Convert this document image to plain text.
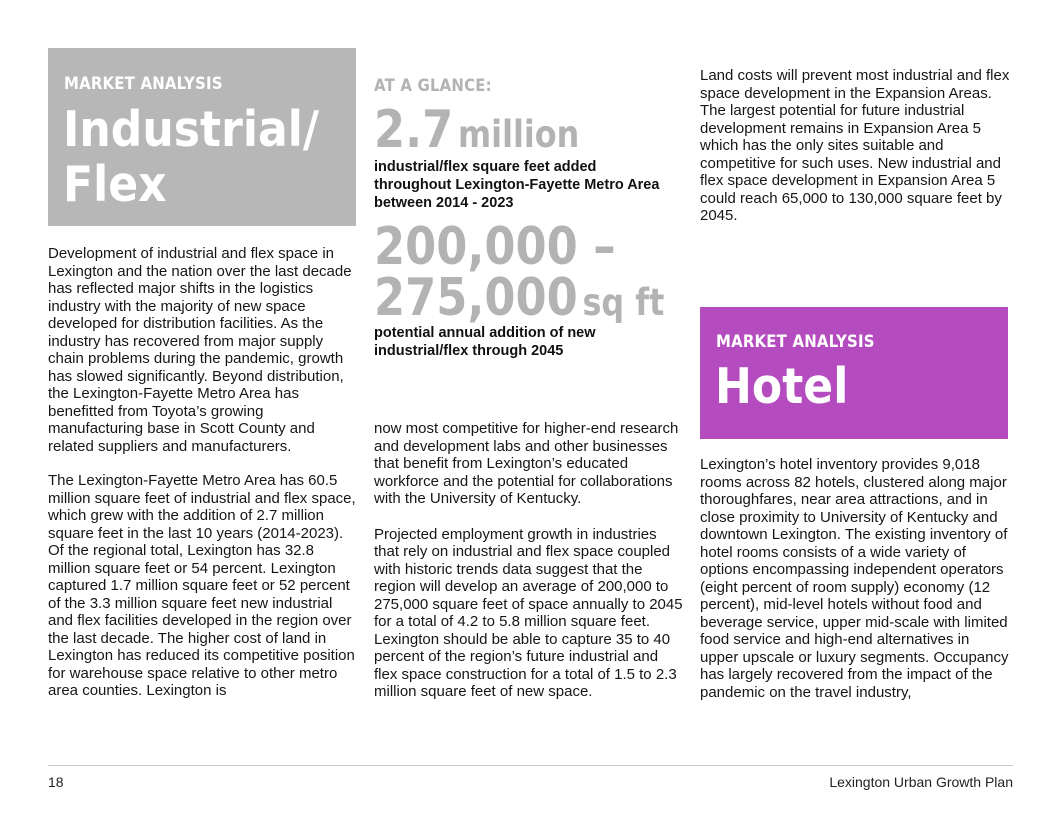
MARKET ANALYSIS
Industrial/
Flex

Development of industrial and flex space in Lexington and the nation over the last decade has reflected major shifts in the logistics industry with the majority of new space developed for distribution facilities. As the industry has recovered from major supply chain problems during the pandemic, growth has slowed significantly. Beyond distribution, the Lexington-Fayette Metro Area has benefitted from Toyota’s growing manufacturing base in Scott County and related suppliers and manufacturers.

The Lexington-Fayette Metro Area has 60.5 million square feet of industrial and flex space, which grew with the addition of 2.7 million square feet in the last 10 years (2014-2023). Of the regional total, Lexington has 32.8 million square feet or 54 percent. Lexington captured 1.7 million square feet or 52 percent of the 3.3 million square feet new industrial and flex facilities developed in the region over the last decade. The higher cost of land in Lexington has reduced its competitive position for warehouse space relative to other metro area counties. Lexington is

AT A GLANCE:
2.7 million

industrial/flex square feet added throughout Lexington-Fayette Metro Area between 2014 - 2023

200,000 –
275,000 sq ft

potential annual addition of new industrial/flex through 2045

now most competitive for higher-end research and development labs and other businesses that benefit from Lexington’s educated workforce and the potential for collaborations with the University of Kentucky.

Projected employment growth in industries that rely on industrial and flex space coupled with historic trends data suggest that the region will develop an average of 200,000 to 275,000 square feet of space annually to 2045 for a total of 4.2 to 5.8 million square feet. Lexington should be able to capture 35 to 40 percent of the region’s future industrial and flex space construction for a total of 1.5 to 2.3 million square feet of new space.

Land costs will prevent most industrial and flex space development in the Expansion Areas. The largest potential for future industrial development remains in Expansion Area 5 which has the only sites suitable and competitive for such uses. New industrial and flex space development in Expansion Area 5 could reach 65,000 to 130,000 square feet by 2045.

MARKET ANALYSIS
Hotel

Lexington’s hotel inventory provides 9,018 rooms across 82 hotels, clustered along major thoroughfares, near area attractions, and in close proximity to University of Kentucky and downtown Lexington. The existing inventory of hotel rooms consists of a wide variety of options encompassing independent operators (eight percent of room supply) economy (12 percent), mid-level hotels without food and beverage service, upper mid-scale with limited food service and high-end alternatives in upper upscale or luxury segments. Occupancy has largely recovered from the impact of the pandemic on the travel industry,

18	Lexington Urban Growth Plan
